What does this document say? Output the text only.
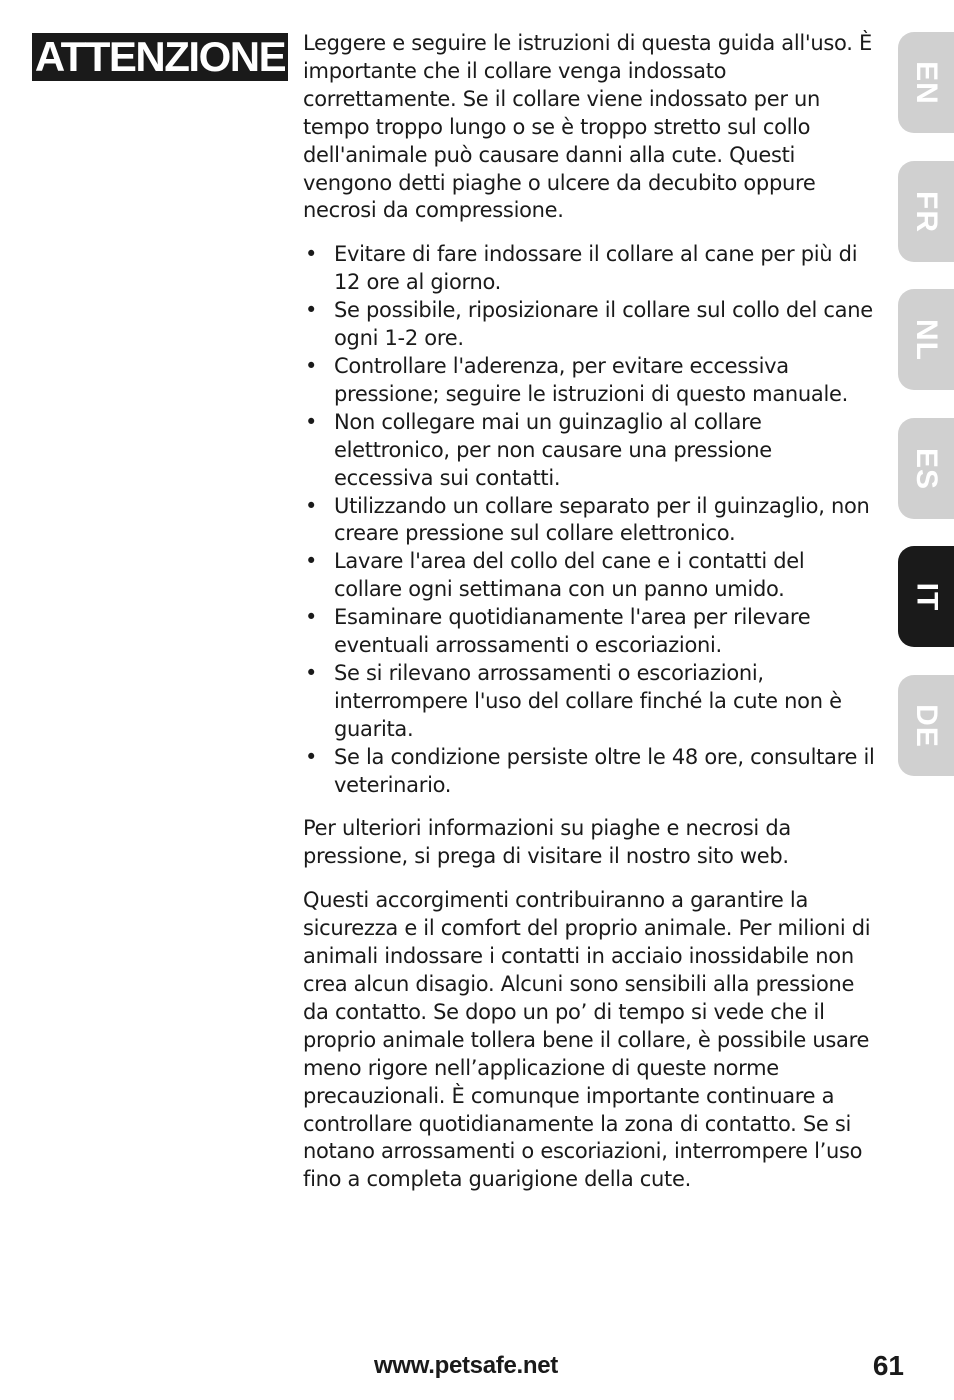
ATTENZIONE Leggere e seguire le istruzioni di questa guida all'uso. È importante che il collare venga indossato correttamente. Se il collare viene indossato per un tempo troppo lungo o se è troppo stretto sul collo dell'animale può causare danni alla cute. Questi vengono detti piaghe o ulcere da decubito oppure necrosi da compressione.

• Evitare di fare indossare il collare al cane per più di 12 ore al giorno.
• Se possibile, riposizionare il collare sul collo del cane ogni 1-2 ore.
• Controllare l'aderenza, per evitare eccessiva pressione; seguire le istruzioni di questo manuale.
• Non collegare mai un guinzaglio al collare elettronico, per non causare una pressione eccessiva sui contatti.
• Utilizzando un collare separato per il guinzaglio, non creare pressione sul collare elettronico.
• Lavare l'area del collo del cane e i contatti del collare ogni settimana con un panno umido.
• Esaminare quotidianamente l'area per rilevare eventuali arrossamenti o escoriazioni.
• Se si rilevano arrossamenti o escoriazioni, interrompere l'uso del collare finché la cute non è guarita.
• Se la condizione persiste oltre le 48 ore, consultare il veterinario.

Per ulteriori informazioni su piaghe e necrosi da pressione, si prega di visitare il nostro sito web.

Questi accorgimenti contribuiranno a garantire la sicurezza e il comfort del proprio animale. Per milioni di animali indossare i contatti in acciaio inossidabile non crea alcun disagio. Alcuni sono sensibili alla pressione da contatto. Se dopo un po’ di tempo si vede che il proprio animale tollera bene il collare, è possibile usare meno rigore nell’applicazione di queste norme precauzionali. È comunque importante continuare a controllare quotidianamente la zona di contatto. Se si notano arrossamenti o escoriazioni, interrompere l’uso fino a completa guarigione della cute.

EN
FR
NL
ES
IT
DE
www.petsafe.net	61
